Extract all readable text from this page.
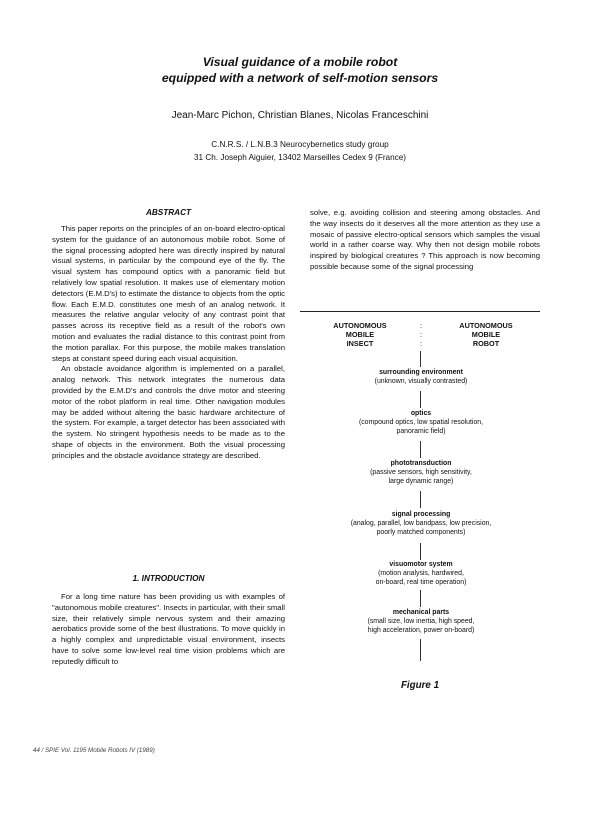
Visual guidance of a mobile robot
equipped with a network of self-motion sensors
Jean-Marc Pichon, Christian Blanes, Nicolas Franceschini
C.N.R.S. / L.N.B.3 Neurocybernetics study group
31 Ch. Joseph Aiguier, 13402 Marseilles Cedex 9 (France)
ABSTRACT

This paper reports on the principles of an on-board electro-optical system for the guidance of an autonomous mobile robot. Some of the signal processing adopted here was directly inspired by natural visual systems, in particular by the compound eye of the fly. The visual system has compound optics with a panoramic field but relatively low spatial resolution. It makes use of elementary motion detectors (E.M.D's) to estimate the distance to objects from the optic flow. Each E.M.D. constitutes one mesh of an analog network. It measures the relative angular velocity of any contrast point that passes across its receptive field as a result of the robot's own motion and evaluates the radial distance to this contrast point from the motion parallax. For this purpose, the mobile makes translation steps at constant speed during each visual acquisition.

An obstacle avoidance algorithm is implemented on a parallel, analog network. This network integrates the numerous data provided by the E.M.D's and controls the drive motor and steering motor of the robot platform in real time. Other navigation modules may be added without altering the basic hardware architecture of the system. For example, a target detector has been associated with the system. No stringent hypothesis needs to be made as to the shape of objects in the environment. Both the visual processing principles and the obstacle avoidance strategy are described.

1. INTRODUCTION

For a long time nature has been providing us with examples of "autonomous mobile creatures". Insects in particular, with their small size, their relatively simple nervous system and their amazing aerobatics provide some of the best illustrations. To move quickly in a highly complex and unpredictable visual environment, insects have to solve some low-level real time vision problems which are reputedly difficult to

solve, e.g. avoiding collision and steering among obstacles. And the way insects do it deserves all the more attention as they use a mosaic of passive electro-optical sensors which samples the visual world in a rather coarse way. Why then not design mobile robots inspired by biological creatures ? This approach is now becoming possible because some of the signal processing

AUTONOMOUS
MOBILE
INSECT
:
:
:
AUTONOMOUS
MOBILE
ROBOT
surrounding environment
(unknown, visually contrasted)
optics
(compound optics, low spatial resolution,
panoramic field)
phototransduction
(passive sensors, high sensitivity,
large dynamic range)
signal processing
(analog, parallel, low bandpass, low precision,
poorly matched components)
visuomotor system
(motion analysis, hardwired,
on-board, real time operation)
mechanical parts
(small size, low inertia, high speed,
high acceleration, power on-board)
Figure 1
44 / SPIE Vol. 1195 Mobile Robots IV (1989)
